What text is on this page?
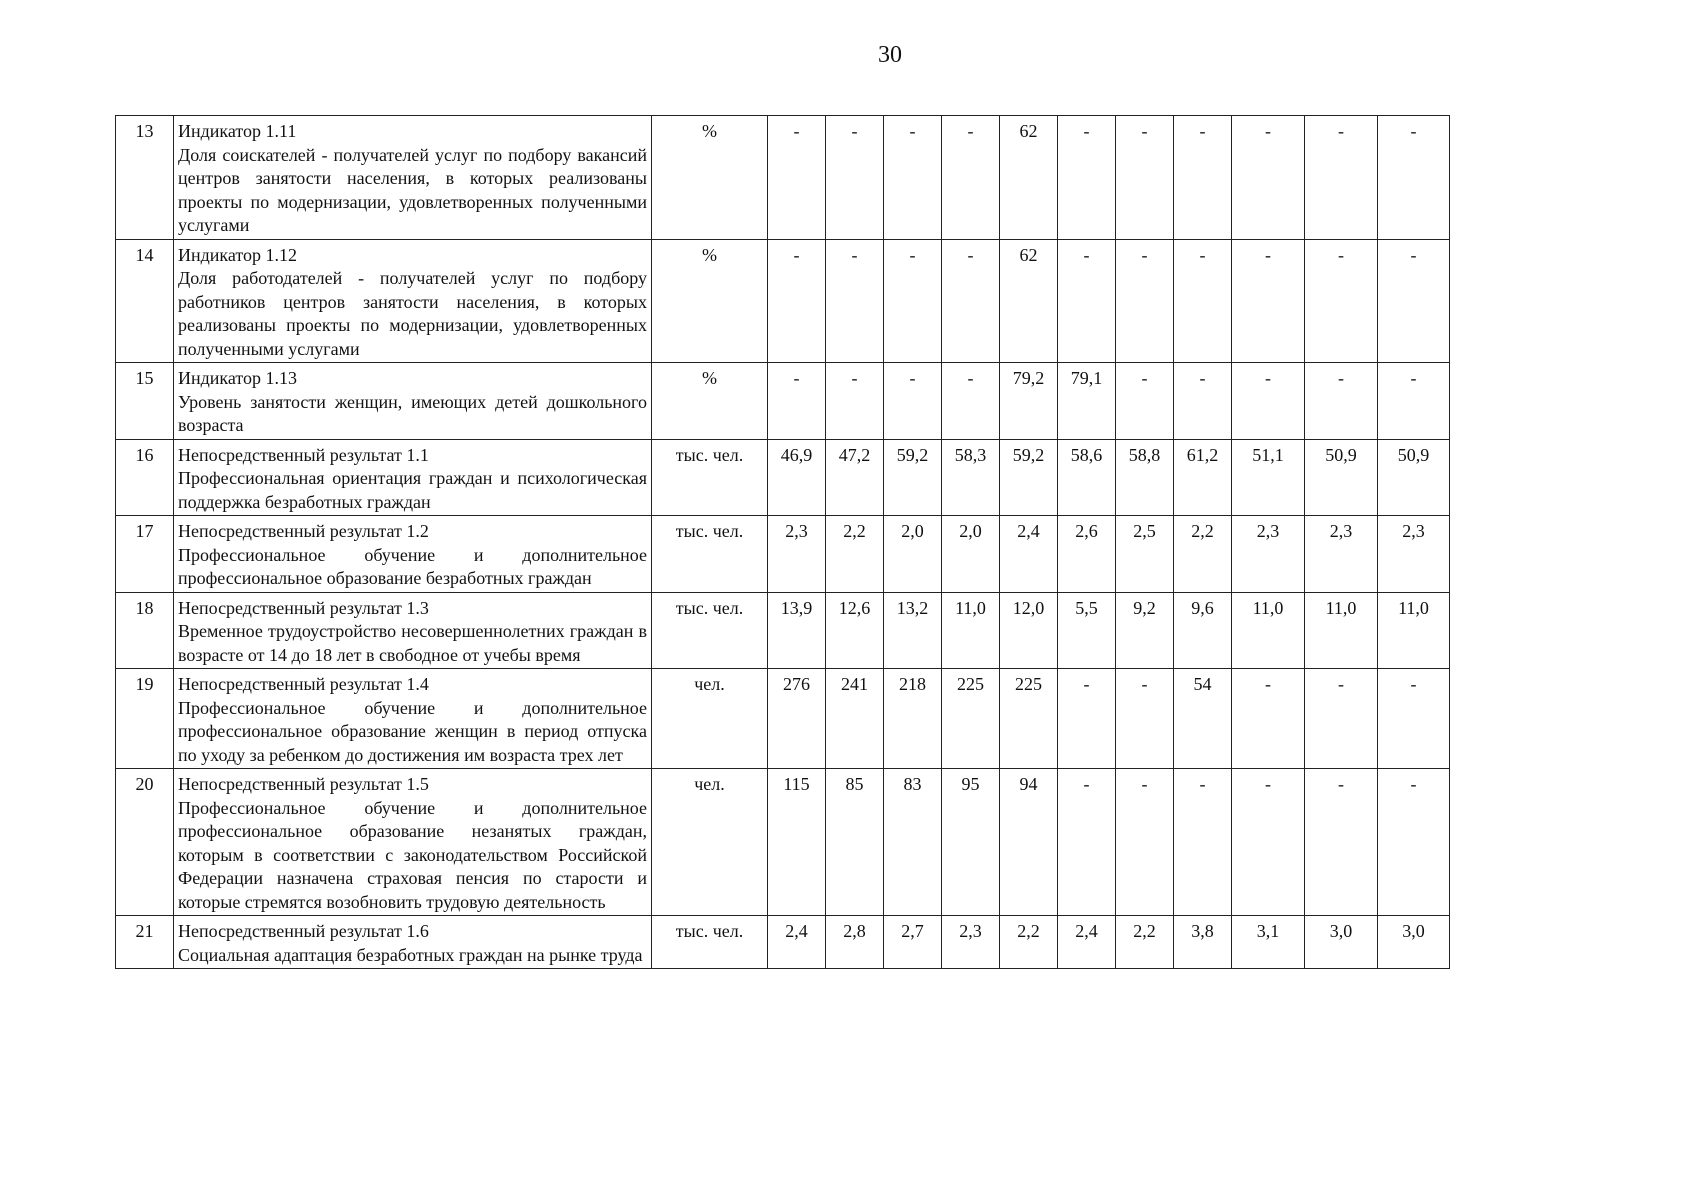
30
13	Индикатор 1.11
Доля соискателей - получателей услуг по подбору вакансий центров занятости населения, в которых реализованы проекты по модернизации, удовлетворенных полученными услугами	%	-	-	-	-	62	-	-	-	-	-	-
14	Индикатор 1.12
Доля работодателей - получателей услуг по подбору работников центров занятости населения, в которых реализованы проекты по модернизации, удовлетворенных полученными услугами	%	-	-	-	-	62	-	-	-	-	-	-
15	Индикатор 1.13
Уровень занятости женщин, имеющих детей дошкольного возраста	%	-	-	-	-	79,2	79,1	-	-	-	-	-
16	Непосредственный результат 1.1
Профессиональная ориентация граждан и психологическая поддержка безработных граждан	тыс. чел.	46,9	47,2	59,2	58,3	59,2	58,6	58,8	61,2	51,1	50,9	50,9
17	Непосредственный результат 1.2
Профессиональное обучение и дополнительное профессиональное образование безработных граждан	тыс. чел.	2,3	2,2	2,0	2,0	2,4	2,6	2,5	2,2	2,3	2,3	2,3
18	Непосредственный результат 1.3
Временное трудоустройство несовершеннолетних граждан в возрасте от 14 до 18 лет в свободное от учебы время	тыс. чел.	13,9	12,6	13,2	11,0	12,0	5,5	9,2	9,6	11,0	11,0	11,0
19	Непосредственный результат 1.4
Профессиональное обучение и дополнительное профессиональное образование женщин в период отпуска по уходу за ребенком до достижения им возраста трех лет	чел.	276	241	218	225	225	-	-	54	-	-	-
20	Непосредственный результат 1.5
Профессиональное обучение и дополнительное профессиональное образование незанятых граждан, которым в соответствии с законодательством Российской Федерации назначена страховая пенсия по старости и которые стремятся возобновить трудовую деятельность	чел.	115	85	83	95	94	-	-	-	-	-	-
21	Непосредственный результат 1.6
Социальная адаптация безработных граждан на рынке труда	тыс. чел.	2,4	2,8	2,7	2,3	2,2	2,4	2,2	3,8	3,1	3,0	3,0
